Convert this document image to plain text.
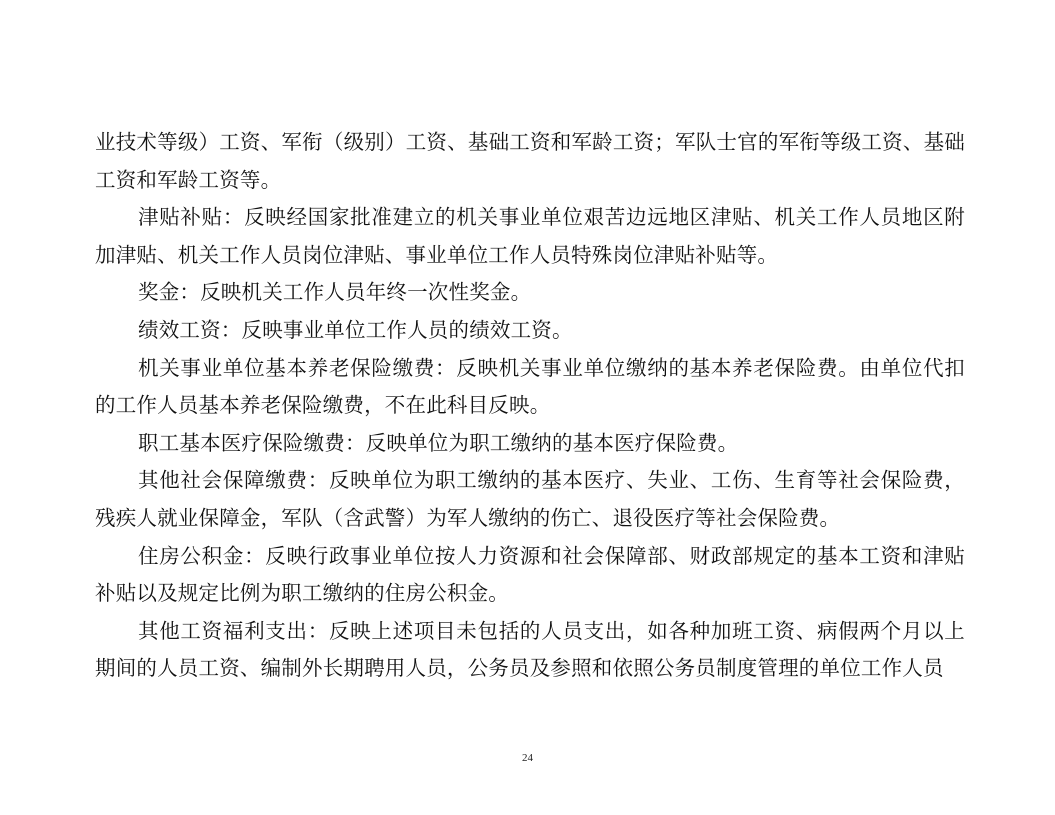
业技术等级）工资、军衔（级别）工资、基础工资和军龄工资；军队士官的军衔等级工资、基础工资和军龄工资等。

津贴补贴：反映经国家批准建立的机关事业单位艰苦边远地区津贴、机关工作人员地区附加津贴、机关工作人员岗位津贴、事业单位工作人员特殊岗位津贴补贴等。

奖金：反映机关工作人员年终一次性奖金。

绩效工资：反映事业单位工作人员的绩效工资。

机关事业单位基本养老保险缴费：反映机关事业单位缴纳的基本养老保险费。由单位代扣的工作人员基本养老保险缴费，不在此科目反映。

职工基本医疗保险缴费：反映单位为职工缴纳的基本医疗保险费。

其他社会保障缴费：反映单位为职工缴纳的基本医疗、失业、工伤、生育等社会保险费，残疾人就业保障金，军队（含武警）为军人缴纳的伤亡、退役医疗等社会保险费。

住房公积金：反映行政事业单位按人力资源和社会保障部、财政部规定的基本工资和津贴补贴以及规定比例为职工缴纳的住房公积金。

其他工资福利支出：反映上述项目未包括的人员支出，如各种加班工资、病假两个月以上期间的人员工资、编制外长期聘用人员，公务员及参照和依照公务员制度管理的单位工作人员

24
